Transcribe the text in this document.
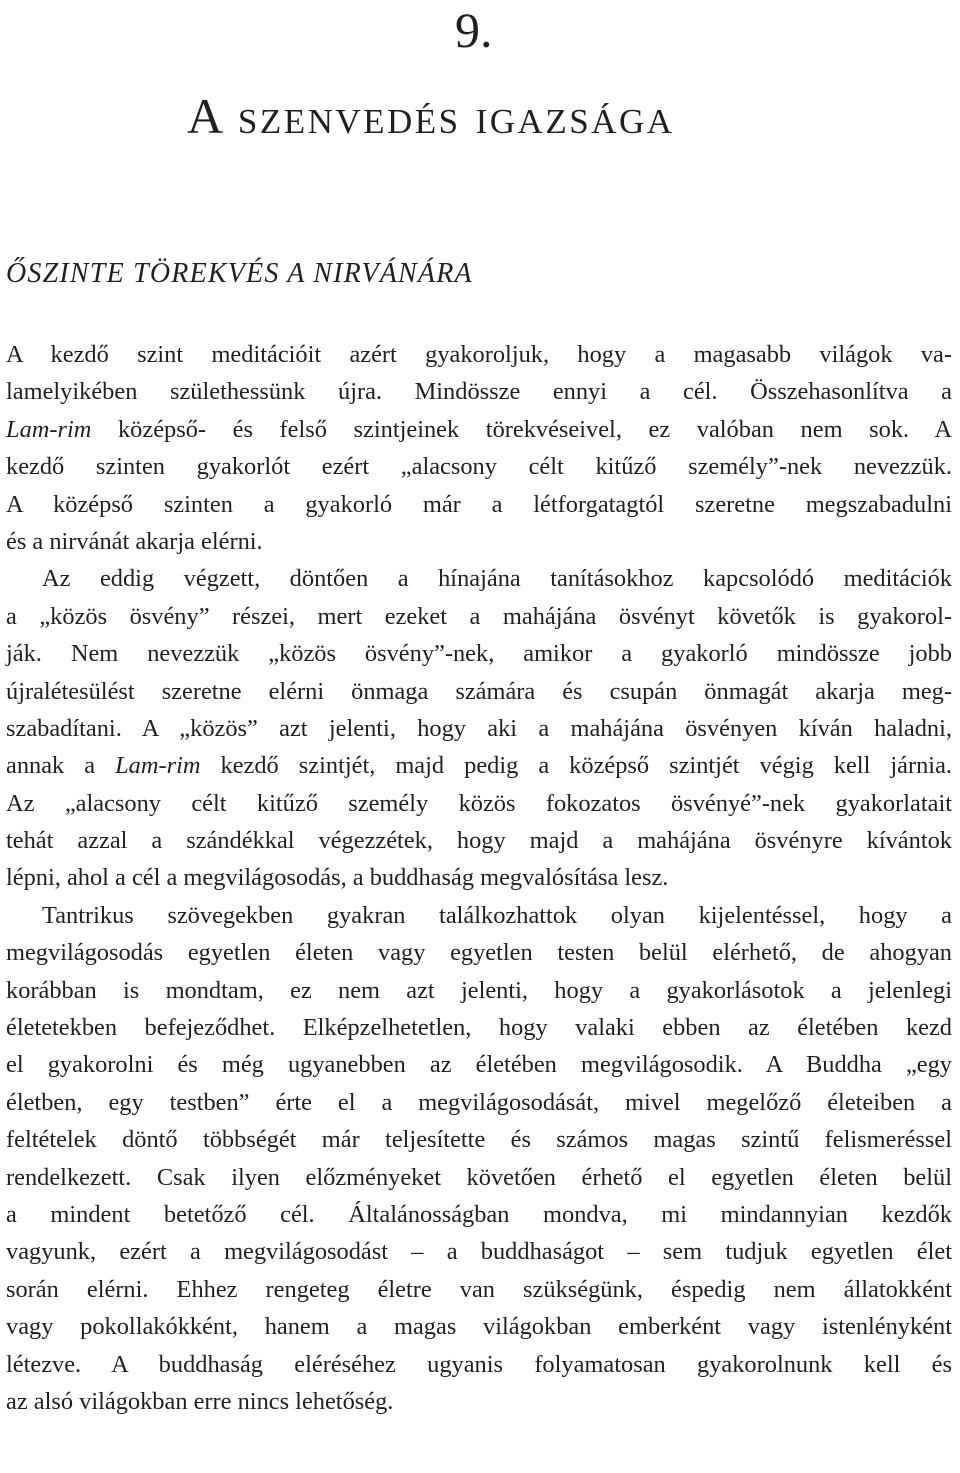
9.
A szenvedés igazsága
ŐSZINTE TÖREKVÉS A NIRVÁNÁRA
A kezdő szint meditációit azért gyakoroljuk, hogy a magasabb világok va-
lamelyikében születhessünk újra. Mindössze ennyi a cél. Összehasonlítva a
Lam-rim középső- és felső szintjeinek törekvéseivel, ez valóban nem sok. A
kezdő szinten gyakorlót ezért „alacsony célt kitűző személy”-nek nevezzük.
A középső szinten a gyakorló már a létforgatagtól szeretne megszabadulni
és a nirvánát akarja elérni.
Az eddig végzett, döntően a hínajána tanításokhoz kapcsolódó meditációk
a „közös ösvény” részei, mert ezeket a mahájána ösvényt követők is gyakorol-
ják. Nem nevezzük „közös ösvény”-nek, amikor a gyakorló mindössze jobb
újralétesülést szeretne elérni önmaga számára és csupán önmagát akarja meg-
szabadítani. A „közös” azt jelenti, hogy aki a mahájána ösvényen kíván haladni,
annak a Lam-rim kezdő szintjét, majd pedig a középső szintjét végig kell járnia.
Az „alacsony célt kitűző személy közös fokozatos ösvényé”-nek gyakorlatait
tehát azzal a szándékkal végezzétek, hogy majd a mahájána ösvényre kívántok
lépni, ahol a cél a megvilágosodás, a buddhaság megvalósítása lesz.
Tantrikus szövegekben gyakran találkozhattok olyan kijelentéssel, hogy a
megvilágosodás egyetlen életen vagy egyetlen testen belül elérhető, de ahogyan
korábban is mondtam, ez nem azt jelenti, hogy a gyakorlásotok a jelenlegi
életetekben befejeződhet. Elképzelhetetlen, hogy valaki ebben az életében kezd
el gyakorolni és még ugyanebben az életében megvilágosodik. A Buddha „egy
életben, egy testben” érte el a megvilágosodását, mivel megelőző életeiben a
feltételek döntő többségét már teljesítette és számos magas szintű felismeréssel
rendelkezett. Csak ilyen előzményeket követően érhető el egyetlen életen belül
a mindent betetőző cél. Általánosságban mondva, mi mindannyian kezdők
vagyunk, ezért a megvilágosodást – a buddhaságot – sem tudjuk egyetlen élet
során elérni. Ehhez rengeteg életre van szükségünk, éspedig nem állatokként
vagy pokollakókként, hanem a magas világokban emberként vagy istenlényként
létezve. A buddhaság eléréséhez ugyanis folyamatosan gyakorolnunk kell és
az alsó világokban erre nincs lehetőség.
